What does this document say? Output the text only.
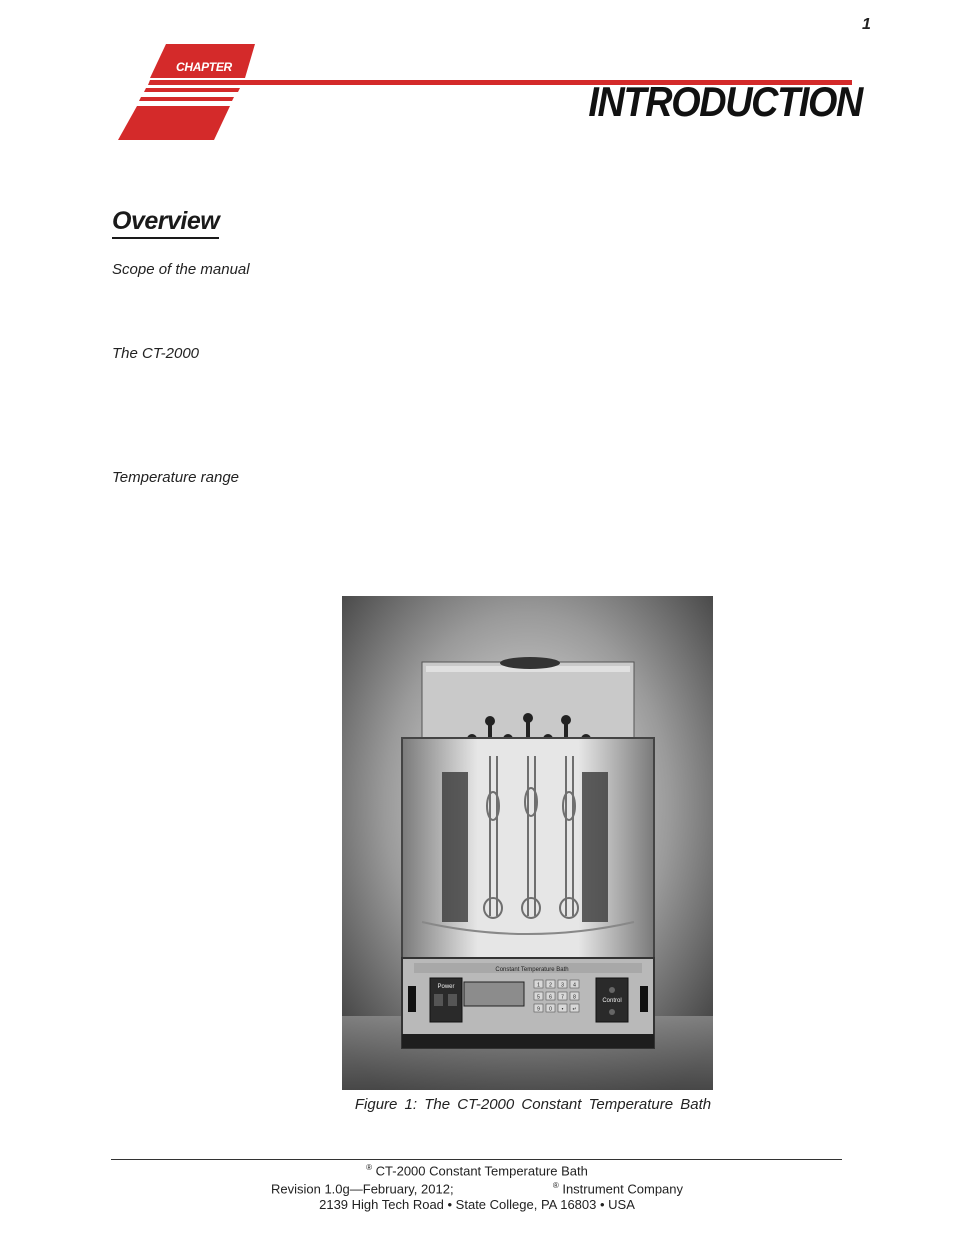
1
CHAPTER
INTRODUCTION
Overview
Scope of the manual
The CT-2000
Temperature range
Constant Temperature Bath
Power	1 2 3 4
5 6 7 8
9 0 • ↵
Control
Figure 1: The CT-2000 Constant Temperature Bath
® CT-2000 Constant Temperature Bath
Revision 1.0g—February, 2012;	® Instrument Company
2139 High Tech Road • State College, PA 16803 • USA
